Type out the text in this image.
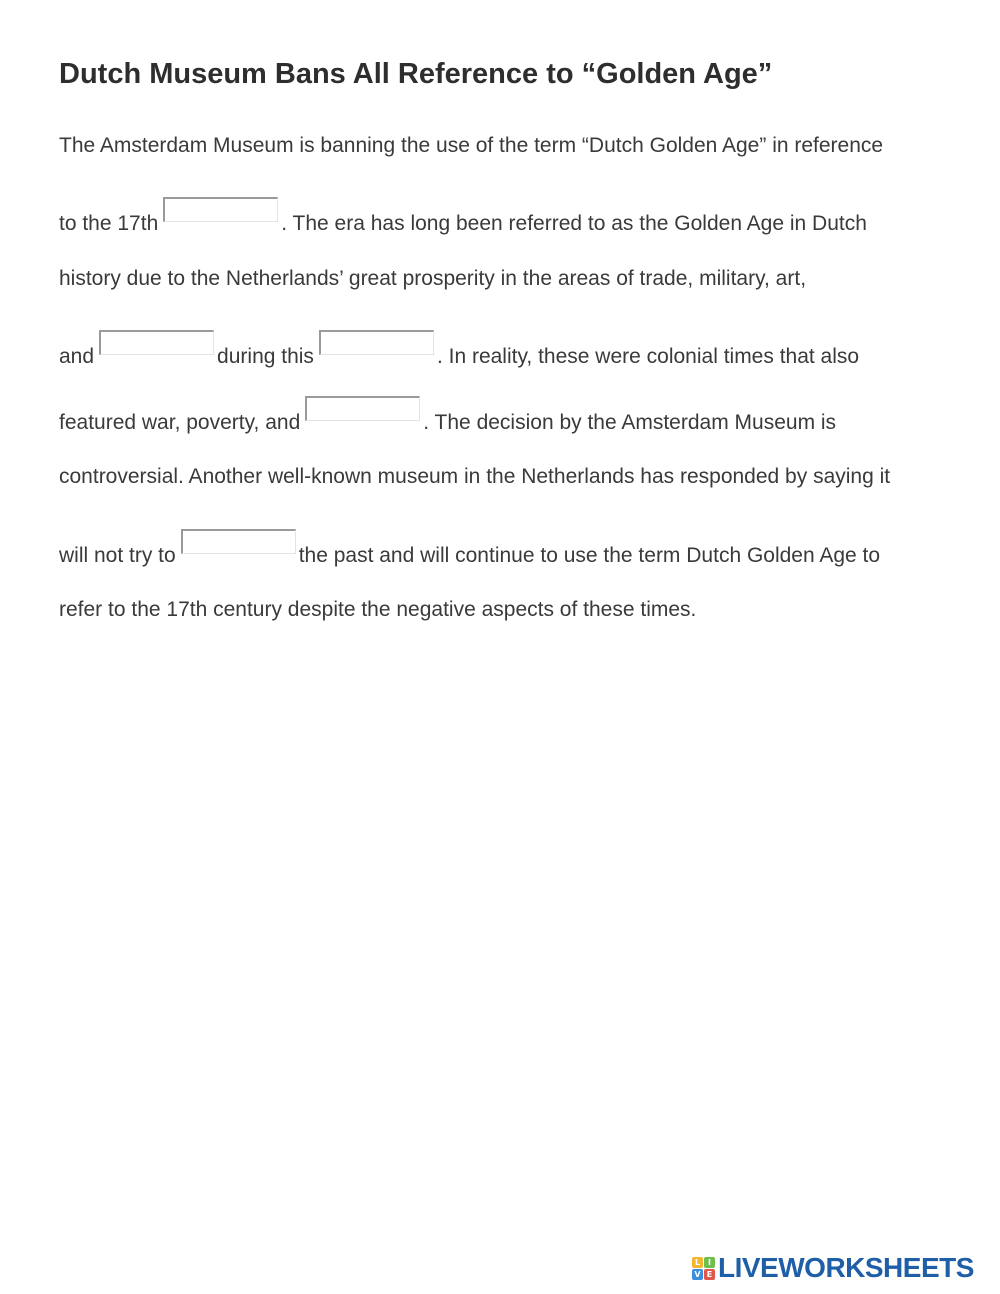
Dutch Museum Bans All Reference to “Golden Age”
The Amsterdam Museum is banning the use of the term “Dutch Golden Age” in reference
to the 17th	. The era has long been referred to as the Golden Age in Dutch
history due to the Netherlands’ great prosperity in the areas of trade, military, art,
and	during this	. In reality, these were colonial times that also
featured war, poverty, and	. The decision by the Amsterdam Museum is
controversial. Another well-known museum in the Netherlands has responded by saying it
will not try to	the past and will continue to use the term Dutch Golden Age to
refer to the 17th century despite the negative aspects of these times.
L I
V E LIVEWORKSHEETS
